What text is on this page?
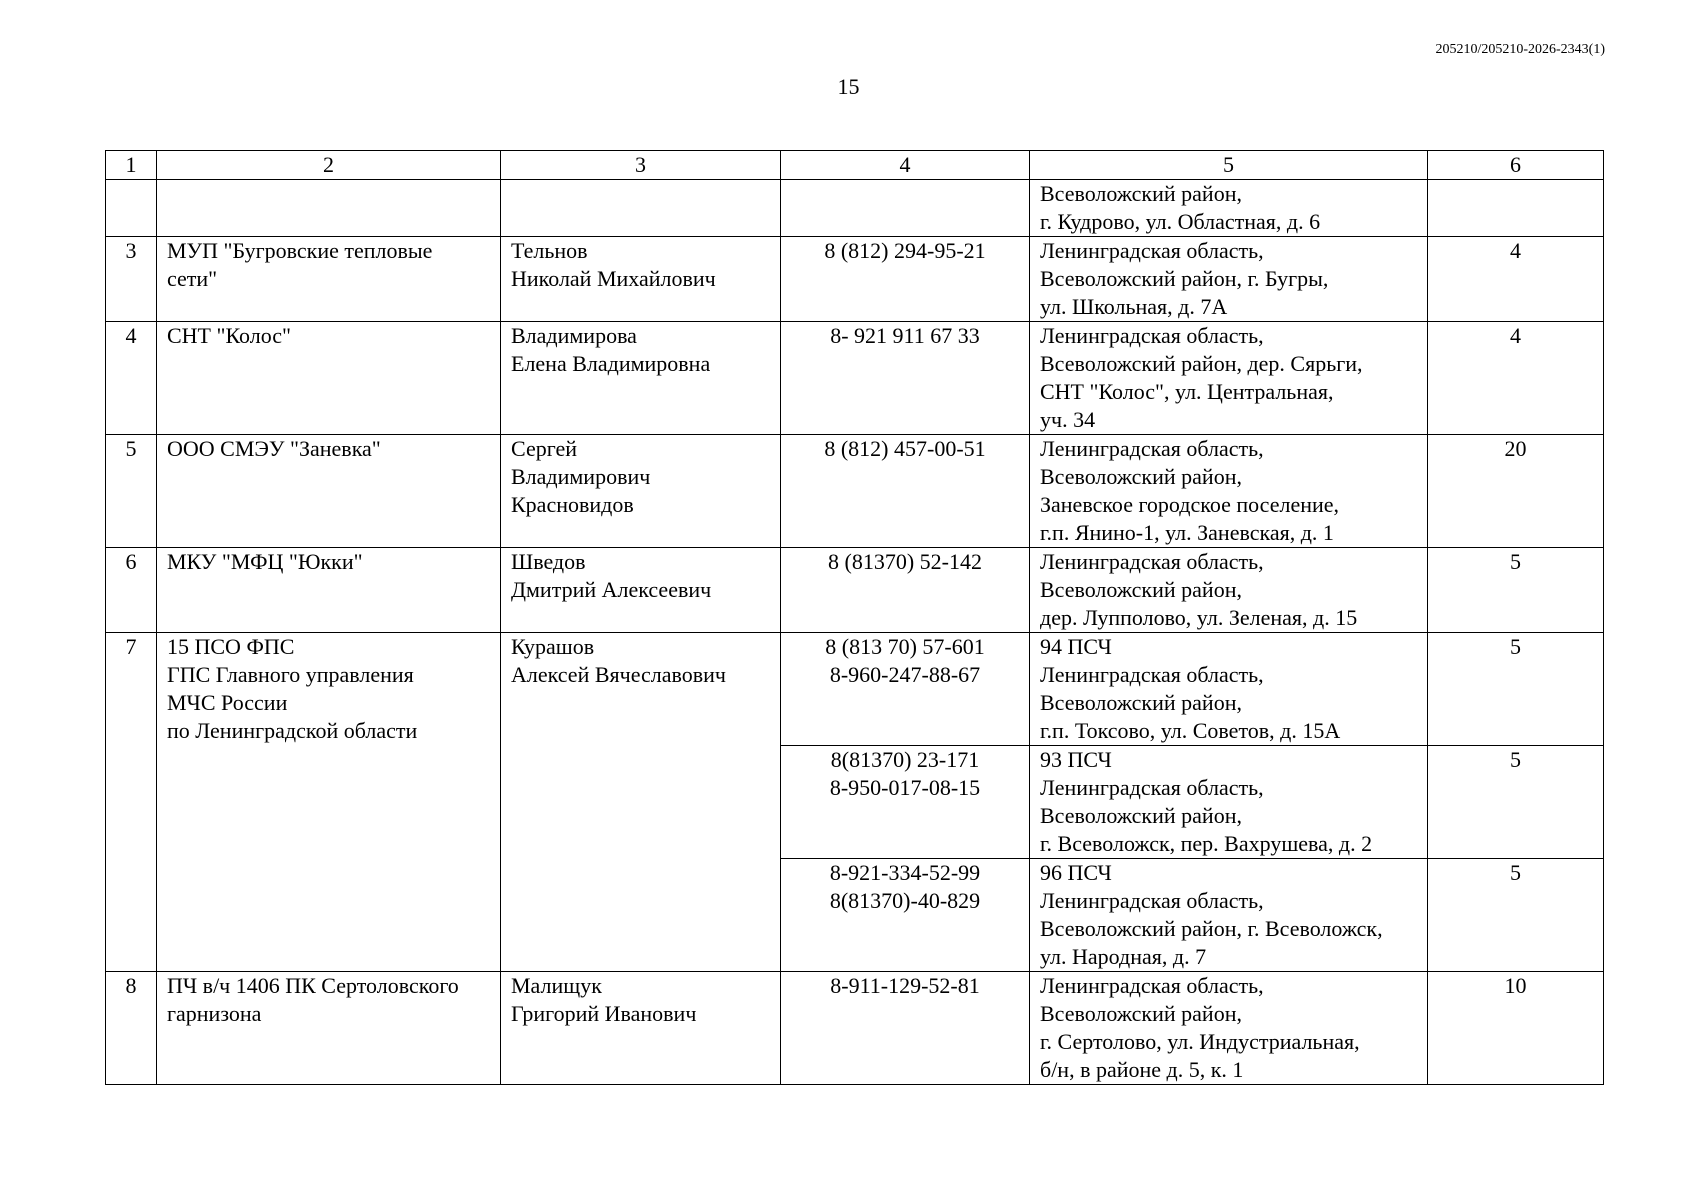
205210/205210-2026-2343(1)
15
1	2	3	4	5	6
				Всеволожский район,
г. Кудрово, ул. Областная, д. 6	
3	МУП "Бугровские тепловые
сети"	Тельнов
Николай Михайлович	8 (812) 294-95-21	Ленинградская область,
Всеволожский район, г. Бугры,
ул. Школьная, д. 7А	4
4	СНТ "Колос"	Владимирова
Елена Владимировна	8- 921 911 67 33	Ленинградская область,
Всеволожский район, дер. Сярьги,
СНТ "Колос", ул. Центральная,
уч. 34	4
5	ООО СМЭУ "Заневка"	Сергей
Владимирович
Красновидов	8 (812) 457-00-51	Ленинградская область,
Всеволожский район,
Заневское городское поселение,
г.п. Янино-1, ул. Заневская, д. 1	20
6	МКУ "МФЦ "Юкки"	Шведов
Дмитрий Алексеевич	8 (81370) 52-142	Ленинградская область,
Всеволожский район,
дер. Лупполово, ул. Зеленая, д. 15	5
7	15 ПСО ФПС
ГПС Главного управления
МЧС России
по Ленинградской области	Курашов
Алексей Вячеславович	8 (813 70) 57-601
8-960-247-88-67	94 ПСЧ
Ленинградская область,
Всеволожский район,
г.п. Токсово, ул. Советов, д. 15А	5
			8(81370) 23-171
8-950-017-08-15	93 ПСЧ
Ленинградская область,
Всеволожский район,
г. Всеволожск, пер. Вахрушева, д. 2	5
			8-921-334-52-99
8(81370)-40-829	96 ПСЧ
Ленинградская область,
Всеволожский район, г. Всеволожск,
ул. Народная, д. 7	5
8	ПЧ в/ч 1406 ПК Сертоловского
гарнизона	Малищук
Григорий Иванович	8-911-129-52-81	Ленинградская область,
Всеволожский район,
г. Сертолово, ул. Индустриальная,
б/н, в районе д. 5, к. 1	10
